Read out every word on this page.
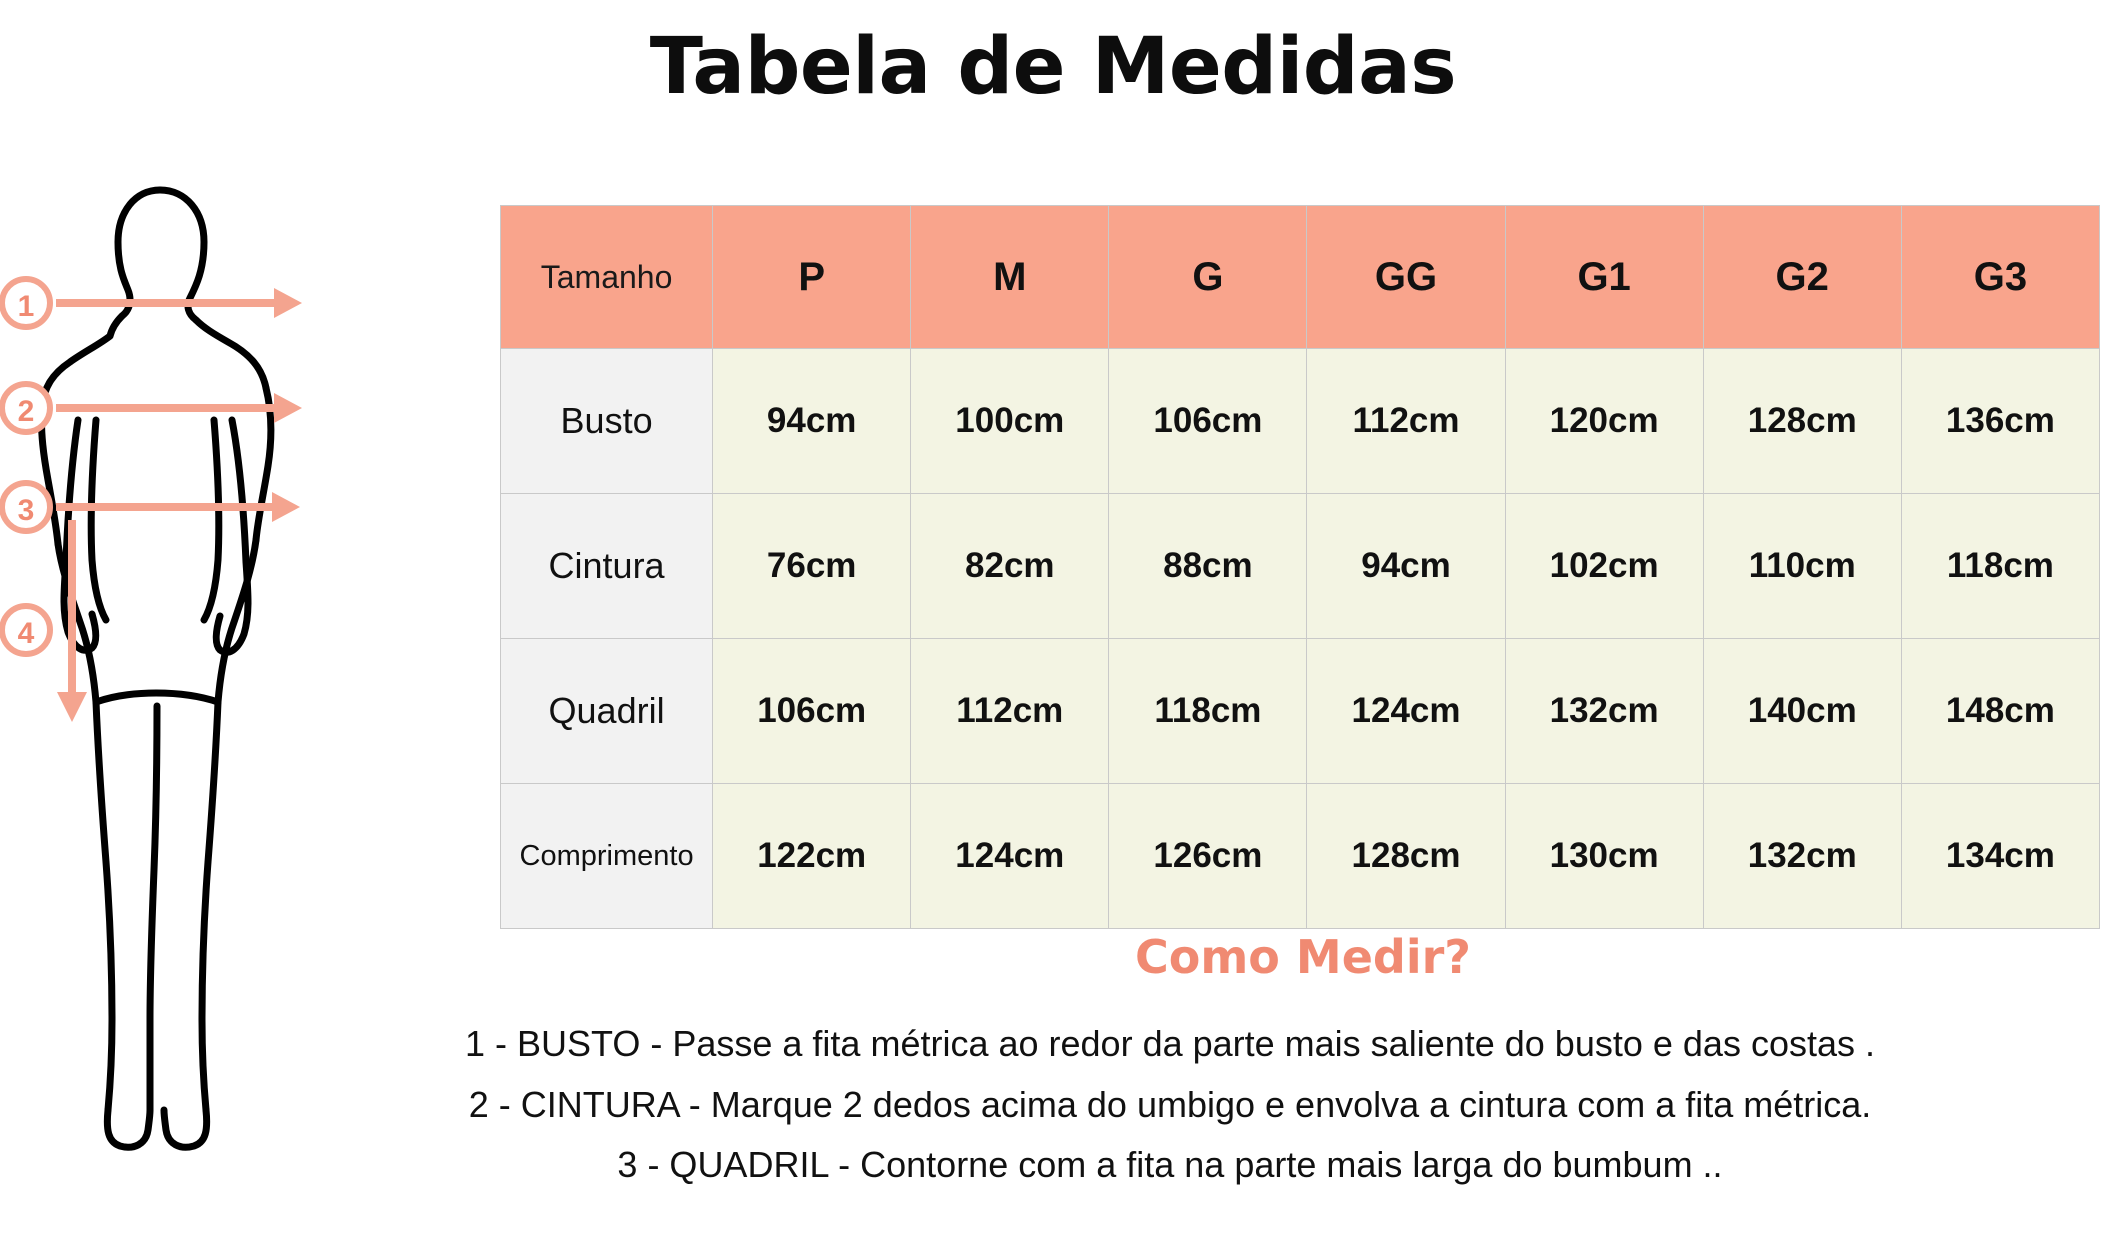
Tabela de Medidas
1
2
3
4
Tamanho	P	M	G	GG	G1	G2	G3
Busto	94cm	100cm	106cm	112cm	120cm	128cm	136cm
Cintura	76cm	82cm	88cm	94cm	102cm	110cm	118cm
Quadril	106cm	112cm	118cm	124cm	132cm	140cm	148cm
Comprimento	122cm	124cm	126cm	128cm	130cm	132cm	134cm
Como Medir?
1 - BUSTO - Passe a fita métrica ao redor da parte mais saliente do busto e das costas .
2 - CINTURA - Marque 2 dedos acima do umbigo e envolva a cintura com a fita métrica.
3 - QUADRIL - Contorne com a fita na parte mais larga do bumbum ..
